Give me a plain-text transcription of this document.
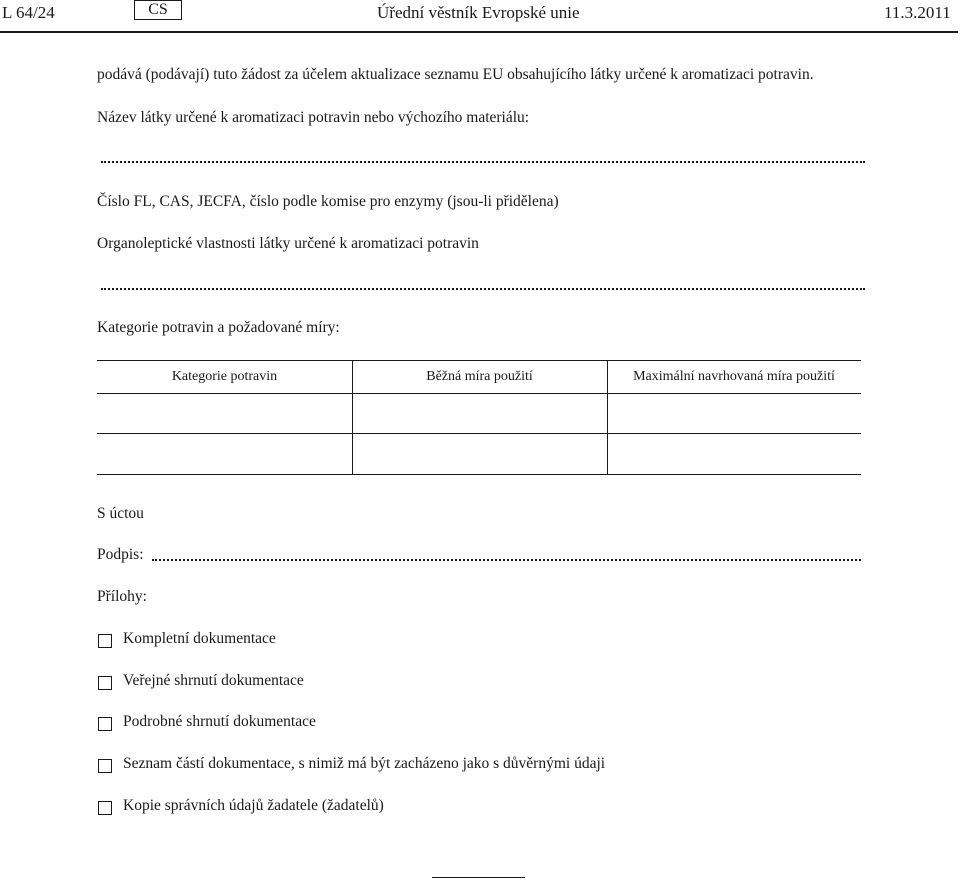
L 64/24	CS	Úřední věstník Evropské unie	11.3.2011
podává (podávají) tuto žádost za účelem aktualizace seznamu EU obsahujícího látky určené k aromatizaci potravin.
Název látky určené k aromatizaci potravin nebo výchozího materiálu:
Číslo FL, CAS, JECFA, číslo podle komise pro enzymy (jsou-li přidělena)
Organoleptické vlastnosti látky určené k aromatizaci potravin
Kategorie potravin a požadované míry:
Kategorie potravin	Běžná míra použití	Maximální navrhovaná míra použití
S úctou
Podpis:
Přílohy:
Kompletní dokumentace
Veřejné shrnutí dokumentace
Podrobné shrnutí dokumentace
Seznam částí dokumentace, s nimiž má být zacházeno jako s důvěrnými údaji
Kopie správních údajů žadatele (žadatelů)
